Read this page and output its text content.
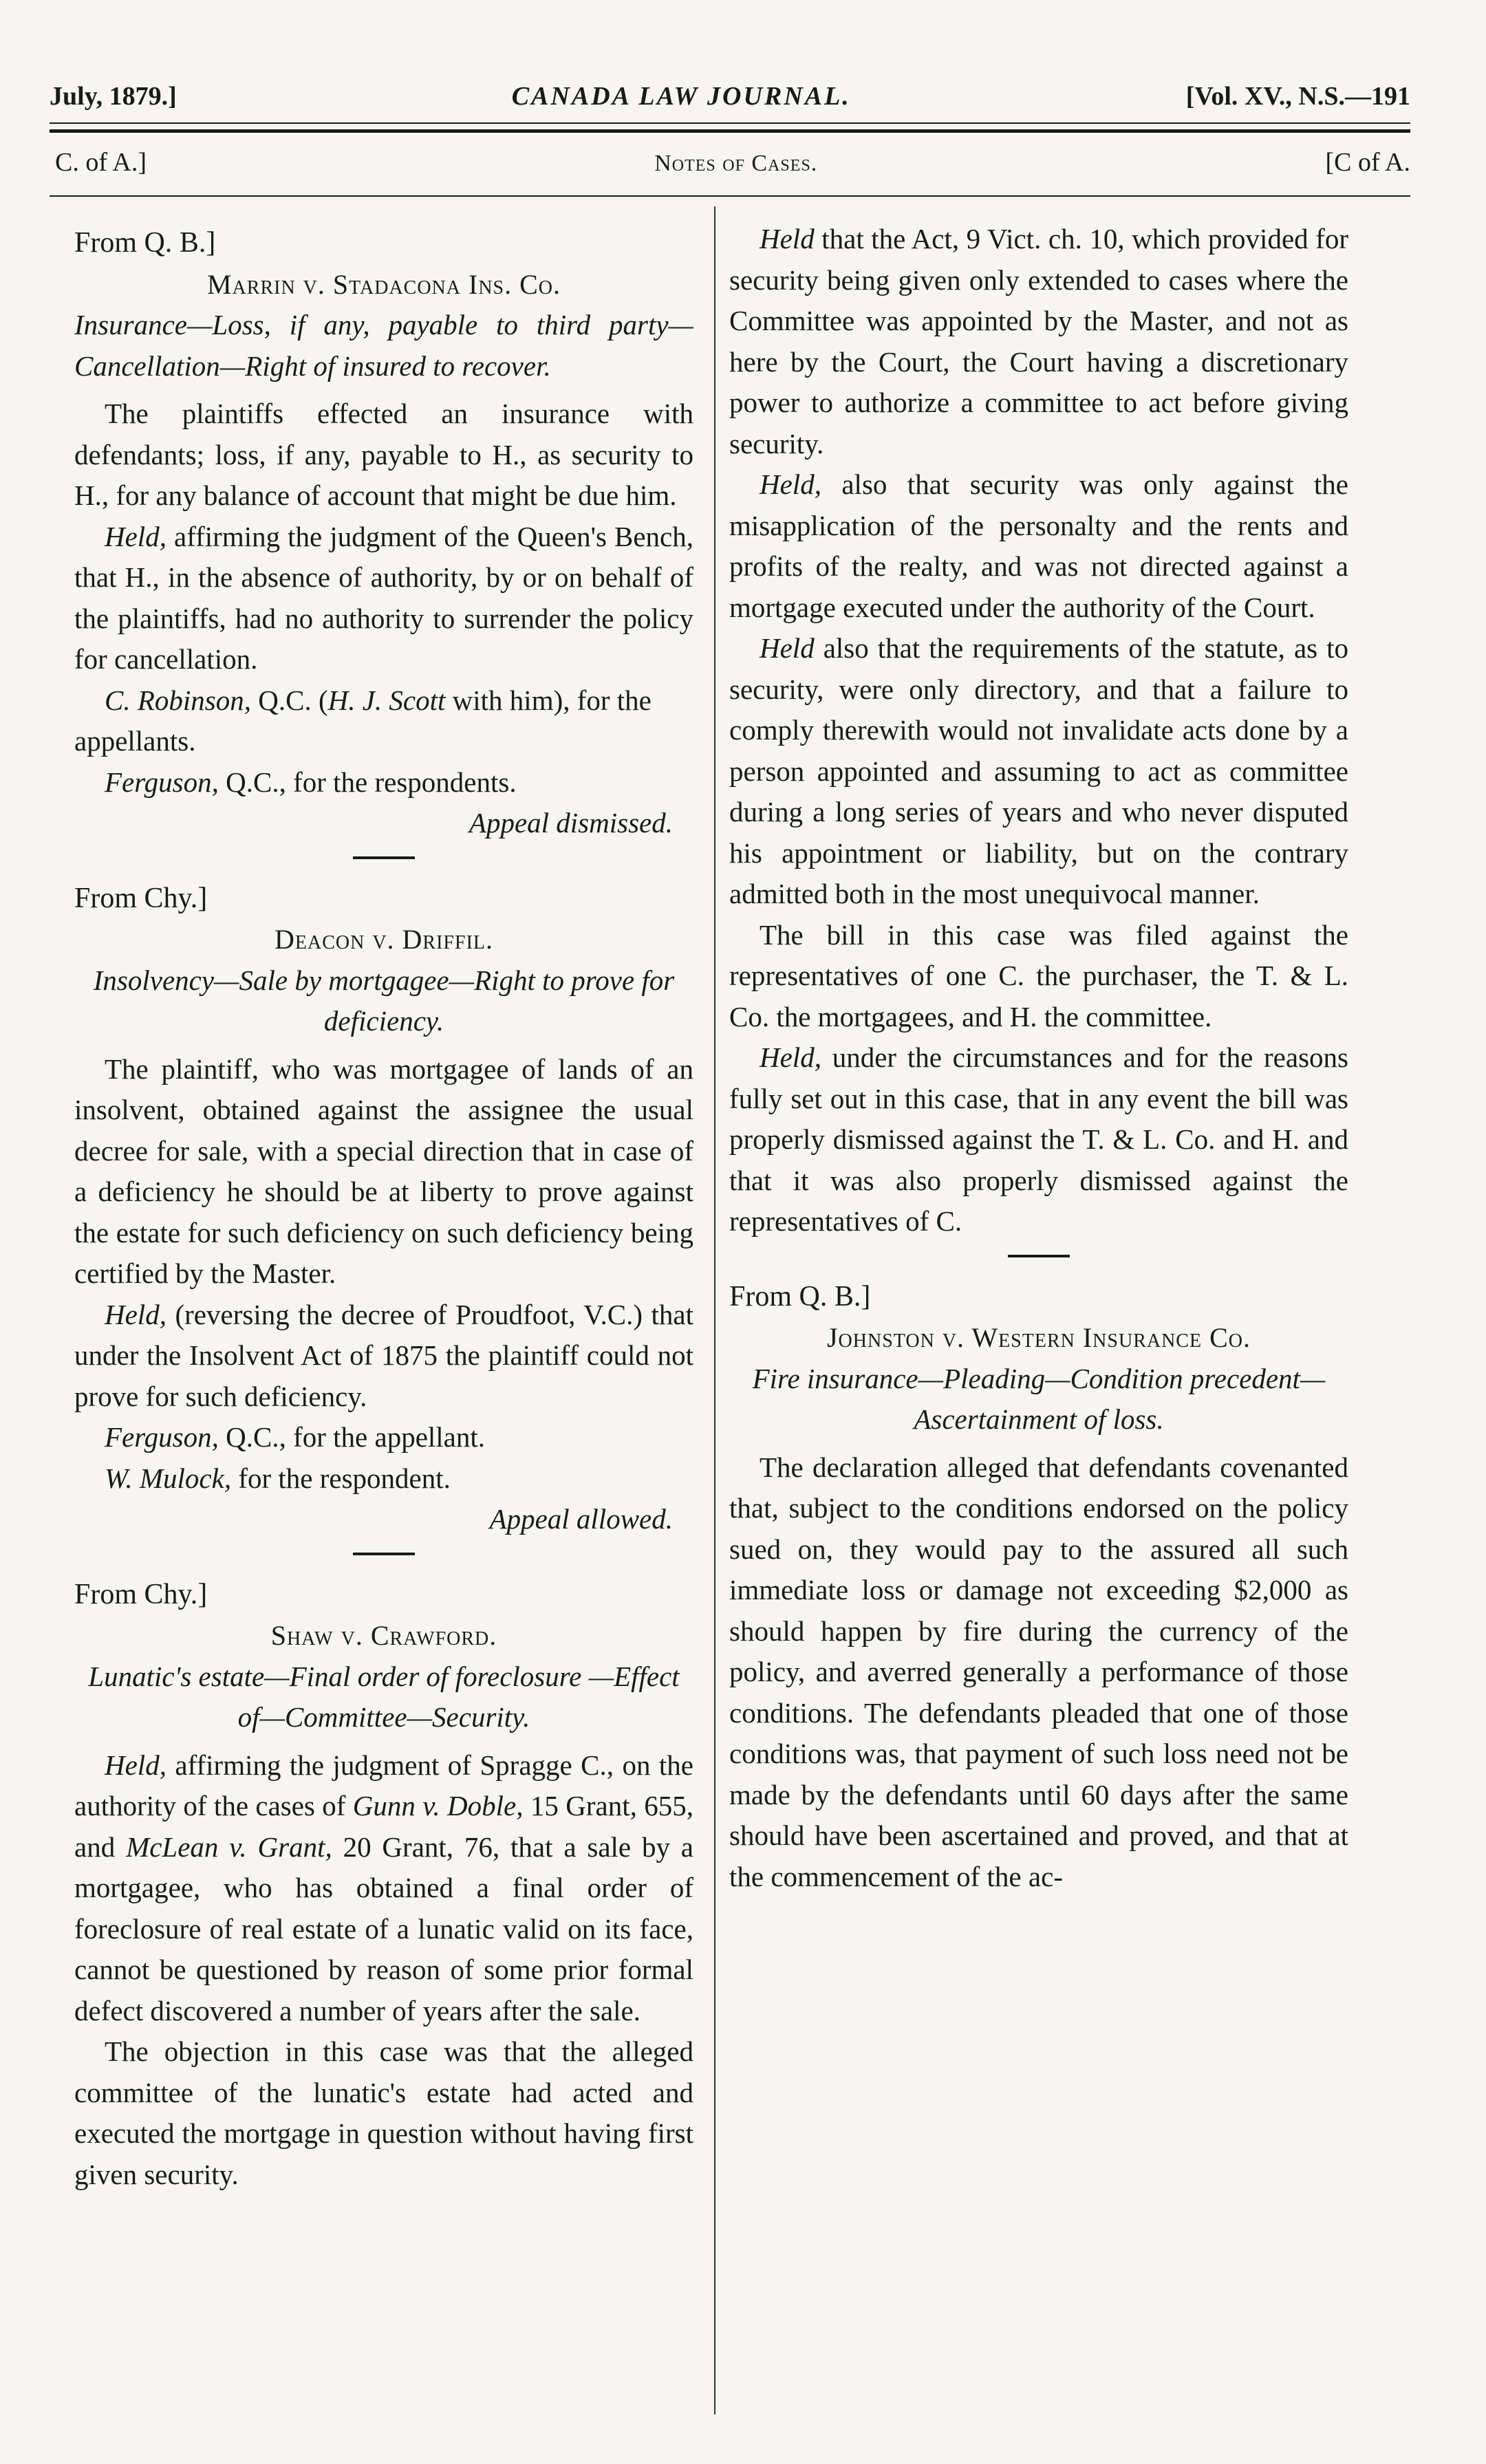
July, 1879.]	CANADA LAW JOURNAL.	[Vol. XV., N.S.—191
C. of A.]	Notes of Cases.	[C of A.
From Q. B.]
Marrin v. Stadacona Ins. Co.
Insurance—Loss, if any, payable to third party—Cancellation—Right of insured to recover.

The plaintiffs effected an insurance with defendants; loss, if any, payable to H., as security to H., for any balance of account that might be due him.

Held, affirming the judgment of the Queen's Bench, that H., in the absence of authority, by or on behalf of the plaintiffs, had no authority to surrender the policy for cancellation.

C. Robinson, Q.C. (H. J. Scott with him), for the appellants.
Ferguson, Q.C., for the respondents.
Appeal dismissed.
From Chy.]
Deacon v. Driffil.
Insolvency—Sale by mortgagee—Right to prove for deficiency.

The plaintiff, who was mortgagee of lands of an insolvent, obtained against the assignee the usual decree for sale, with a special direction that in case of a deficiency he should be at liberty to prove against the estate for such deficiency on such deficiency being certified by the Master.

Held, (reversing the decree of Proudfoot, V.C.) that under the Insolvent Act of 1875 the plaintiff could not prove for such deficiency.

Ferguson, Q.C., for the appellant.
W. Mulock, for the respondent.
Appeal allowed.
From Chy.]
Shaw v. Crawford.
Lunatic's estate—Final order of foreclosure —Effect of—Committee—Security.

Held, affirming the judgment of Spragge C., on the authority of the cases of Gunn v. Doble, 15 Grant, 655, and McLean v. Grant, 20 Grant, 76, that a sale by a mortgagee, who has obtained a final order of foreclosure of real estate of a lunatic valid on its face, cannot be questioned by reason of some prior formal defect discovered a number of years after the sale.

The objection in this case was that the alleged committee of the lunatic's estate had acted and executed the mortgage in question without having first given security.

Held that the Act, 9 Vict. ch. 10, which provided for security being given only extended to cases where the Committee was appointed by the Master, and not as here by the Court, the Court having a discretionary power to authorize a committee to act before giving security.

Held, also that security was only against the misapplication of the personalty and the rents and profits of the realty, and was not directed against a mortgage executed under the authority of the Court.

Held also that the requirements of the statute, as to security, were only directory, and that a failure to comply therewith would not invalidate acts done by a person appointed and assuming to act as committee during a long series of years and who never disputed his appointment or liability, but on the contrary admitted both in the most unequivocal manner.

The bill in this case was filed against the representatives of one C. the purchaser, the T. & L. Co. the mortgagees, and H. the committee.

Held, under the circumstances and for the reasons fully set out in this case, that in any event the bill was properly dismissed against the T. & L. Co. and H. and that it was also properly dismissed against the representatives of C.

From Q. B.]
Johnston v. Western Insurance Co.
Fire insurance—Pleading—Condition precedent—Ascertainment of loss.

The declaration alleged that defendants covenanted that, subject to the conditions endorsed on the policy sued on, they would pay to the assured all such immediate loss or damage not exceeding $2,000 as should happen by fire during the currency of the policy, and averred generally a performance of those conditions. The defendants pleaded that one of those conditions was, that payment of such loss need not be made by the defendants until 60 days after the same should have been ascertained and proved, and that at the commencement of the ac-
